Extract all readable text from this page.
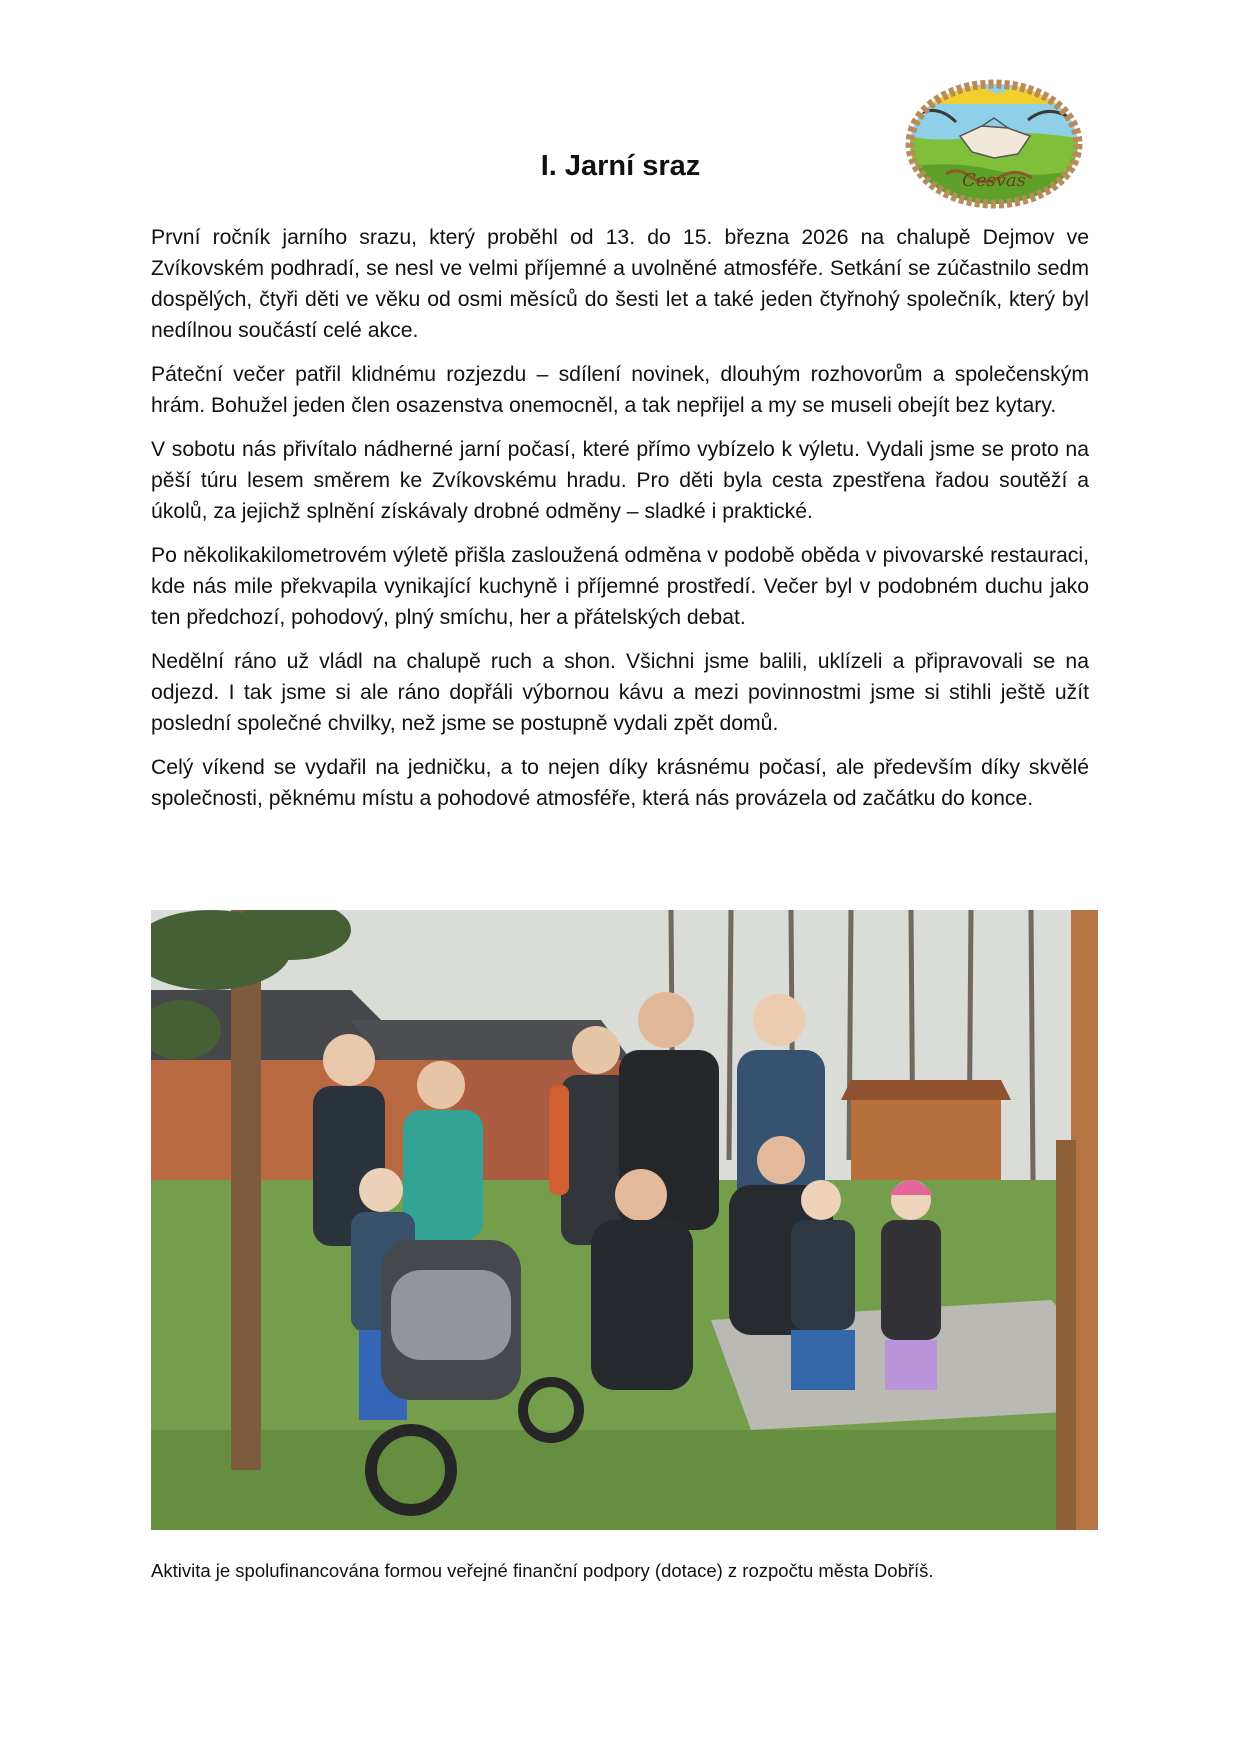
Cesvas
I. Jarní sraz

První ročník jarního srazu, který proběhl od 13. do 15. března 2026 na chalupě Dejmov ve Zvíkovském podhradí, se nesl ve velmi příjemné a uvolněné atmosféře. Setkání se zúčastnilo sedm dospělých, čtyři děti ve věku od osmi měsíců do šesti let a také jeden čtyřnohý společník, který byl nedílnou součástí celé akce.

Páteční večer patřil klidnému rozjezdu – sdílení novinek, dlouhým rozhovorům a společenským hrám. Bohužel jeden člen osazenstva onemocněl, a tak nepřijel a my se museli obejít bez kytary.

V sobotu nás přivítalo nádherné jarní počasí, které přímo vybízelo k výletu. Vydali jsme se proto na pěší túru lesem směrem ke Zvíkovskému hradu. Pro děti byla cesta zpestřena řadou soutěží a úkolů, za jejichž splnění získávaly drobné odměny – sladké i praktické.

Po několikakilometrovém výletě přišla zasloužená odměna v podobě oběda v pivovarské restauraci, kde nás mile překvapila vynikající kuchyně i příjemné prostředí. Večer byl v podobném duchu jako ten předchozí, pohodový, plný smíchu, her a přátelských debat.

Nedělní ráno už vládl na chalupě ruch a shon. Všichni jsme balili, uklízeli a připravovali se na odjezd. I tak jsme si ale ráno dopřáli výbornou kávu a mezi povinnostmi jsme si stihli ještě užít poslední společné chvilky, než jsme se postupně vydali zpět domů.

Celý víkend se vydařil na jedničku, a to nejen díky krásnému počasí, ale především díky skvělé společnosti, pěknému místu a pohodové atmosféře, která nás provázela od začátku do konce.

Aktivita je spolufinancována formou veřejné finanční podpory (dotace) z rozpočtu města Dobříš.
